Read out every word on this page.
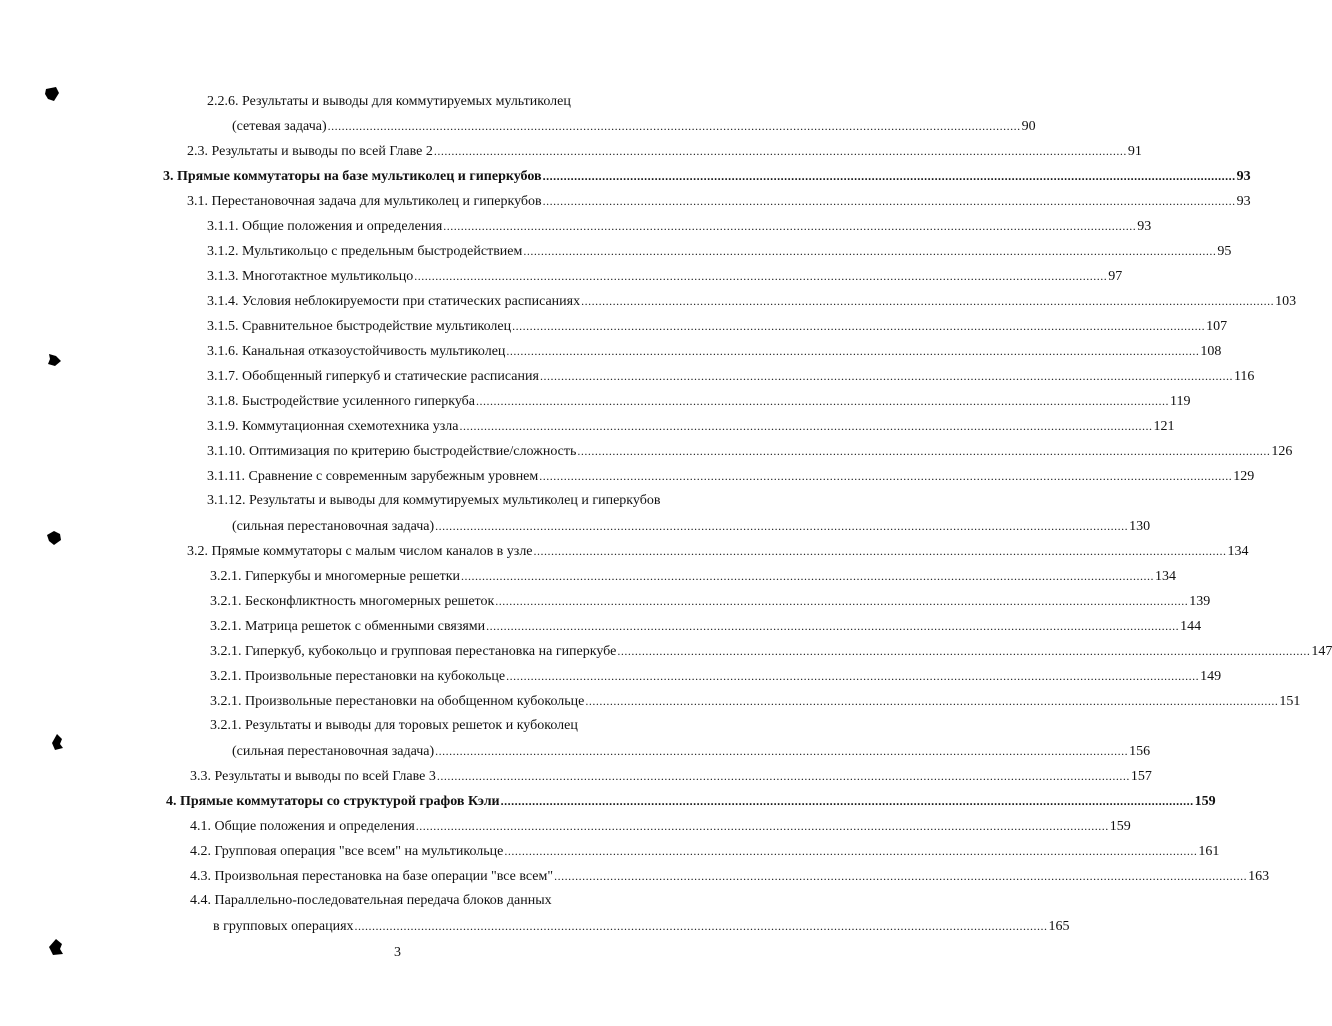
2.2.6. Результаты и выводы для коммутируемых мультиколец
(сетевая задача) ...................................................................................................................................................................................................... 90
2.3. Результаты и выводы по всей Главе 2 ...................................................................................................................................................................................................... 91
3. Прямые коммутаторы на базе мультиколец и гиперкубов ...................................................................................................................................................................................................... 93
3.1. Перестановочная задача для мультиколец и гиперкубов ...................................................................................................................................................................................................... 93
3.1.1. Общие положения и определения ...................................................................................................................................................................................................... 93
3.1.2. Мультикольцо с предельным быстродействием ...................................................................................................................................................................................................... 95
3.1.3. Многотактное мультикольцо ...................................................................................................................................................................................................... 97
3.1.4. Условия неблокируемости при статических расписаниях ...................................................................................................................................................................................................... 103
3.1.5. Сравнительное быстродействие мультиколец ...................................................................................................................................................................................................... 107
3.1.6. Канальная отказоустойчивость мультиколец ...................................................................................................................................................................................................... 108
3.1.7. Обобщенный гиперкуб и статические расписания ...................................................................................................................................................................................................... 116
3.1.8. Быстродействие усиленного гиперкуба ...................................................................................................................................................................................................... 119
3.1.9. Коммутационная схемотехника узла ...................................................................................................................................................................................................... 121
3.1.10. Оптимизация по критерию быстродействие/сложность ...................................................................................................................................................................................................... 126
3.1.11. Сравнение с современным зарубежным уровнем ...................................................................................................................................................................................................... 129
3.1.12. Результаты и выводы для коммутируемых мультиколец и гиперкубов
(сильная перестановочная задача) ...................................................................................................................................................................................................... 130
3.2. Прямые коммутаторы с малым числом каналов в узле ...................................................................................................................................................................................................... 134
3.2.1. Гиперкубы и многомерные решетки ...................................................................................................................................................................................................... 134
3.2.1. Бесконфликтность многомерных решеток ...................................................................................................................................................................................................... 139
3.2.1. Матрица решеток с обменными связями ...................................................................................................................................................................................................... 144
3.2.1. Гиперкуб, кубокольцо и групповая перестановка на гиперкубе ...................................................................................................................................................................................................... 147
3.2.1. Произвольные перестановки на кубокольце ...................................................................................................................................................................................................... 149
3.2.1. Произвольные перестановки на обобщенном кубокольце ...................................................................................................................................................................................................... 151
3.2.1. Результаты и выводы для торовых решеток и кубоколец
(сильная перестановочная задача) ...................................................................................................................................................................................................... 156
3.3. Результаты и выводы по всей Главе 3 ...................................................................................................................................................................................................... 157
4. Прямые коммутаторы со структурой графов Кэли ...................................................................................................................................................................................................... 159
4.1. Общие положения и определения ...................................................................................................................................................................................................... 159
4.2. Групповая операция "все всем" на мультикольце ...................................................................................................................................................................................................... 161
4.3. Произвольная перестановка на базе операции "все всем" ...................................................................................................................................................................................................... 163
4.4. Параллельно-последовательная передача блоков данных
в групповых операциях ...................................................................................................................................................................................................... 165
3
